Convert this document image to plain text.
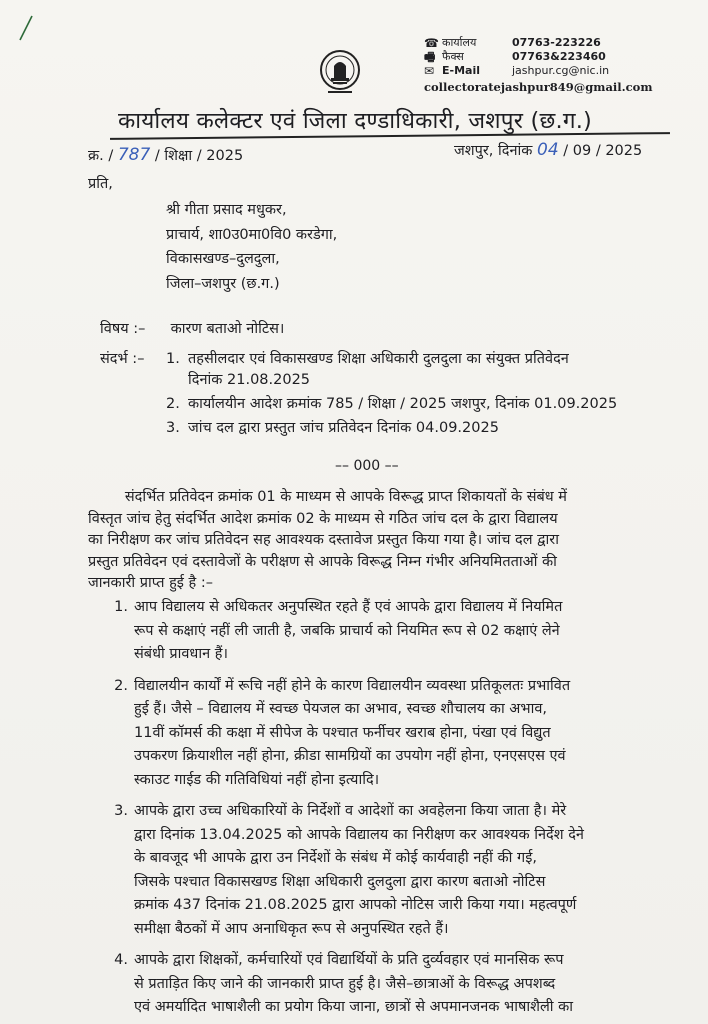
☎ कार्यालय	07763-223226
🖷 फैक्स	07763&223460
✉ E-Mail	jashpur.cg@nic.in
collectoratejashpur849@gmail.com
कार्यालय कलेक्टर एवं जिला दण्डाधिकारी, जशपुर (छ.ग.)
क्र. / 787 / शिक्षा / 2025	जशपुर, दिनांक 04 / 09 / 2025
प्रति,
श्री गीता प्रसाद मधुकर,
प्राचार्य, शा0उ0मा0वि0 करडेगा,
विकासखण्ड–दुलदुला,
जिला–जशपुर (छ.ग.)
विषय :– कारण बताओ नोटिस।
संदर्भ :– 1. तहसीलदार एवं विकासखण्ड शिक्षा अधिकारी दुलदुला का संयुक्त प्रतिवेदन
दिनांक 21.08.2025
2. कार्यालयीन आदेश क्रमांक 785 / शिक्षा / 2025 जशपुर, दिनांक 01.09.2025
3. जांच दल द्वारा प्रस्तुत जांच प्रतिवेदन दिनांक 04.09.2025
–– 000 ––
संदर्भित प्रतिवेदन क्रमांक 01 के माध्यम से आपके विरूद्ध प्राप्त शिकायतों के संबंध में
विस्तृत जांच हेतु संदर्भित आदेश क्रमांक 02 के माध्यम से गठित जांच दल के द्वारा विद्यालय
का निरीक्षण कर जांच प्रतिवेदन सह आवश्यक दस्तावेज प्रस्तुत किया गया है। जांच दल द्वारा
प्रस्तुत प्रतिवेदन एवं दस्तावेजों के परीक्षण से आपके विरूद्ध निम्न गंभीर अनियमितताओं की
जानकारी प्राप्त हुई है :–
1. आप विद्यालय से अधिकतर अनुपस्थित रहते हैं एवं आपके द्वारा विद्यालय में नियमित
रूप से कक्षाएं नहीं ली जाती है, जबकि प्राचार्य को नियमित रूप से 02 कक्षाएं लेने
संबंधी प्रावधान हैं।
2. विद्यालयीन कार्यों में रूचि नहीं होने के कारण विद्यालयीन व्यवस्था प्रतिकूलतः प्रभावित
हुई हैं। जैसे – विद्यालय में स्वच्छ पेयजल का अभाव, स्वच्छ शौचालय का अभाव,
11वीं कॉमर्स की कक्षा में सीपेज के पश्चात फर्नीचर खराब होना, पंखा एवं विद्युत
उपकरण क्रियाशील नहीं होना, क्रीडा सामग्रियों का उपयोग नहीं होना, एनएसएस एवं
स्काउट गाईड की गतिविधियां नहीं होना इत्यादि।
3. आपके द्वारा उच्च अधिकारियों के निर्देशों व आदेशों का अवहेलना किया जाता है। मेरे
द्वारा दिनांक 13.04.2025 को आपके विद्यालय का निरीक्षण कर आवश्यक निर्देश देने
के बावजूद भी आपके द्वारा उन निर्देशों के संबंध में कोई कार्यवाही नहीं की गई,
जिसके पश्चात विकासखण्ड शिक्षा अधिकारी दुलदुला द्वारा कारण बताओ नोटिस
क्रमांक 437 दिनांक 21.08.2025 द्वारा आपको नोटिस जारी किया गया। महत्वपूर्ण
समीक्षा बैठकों में आप अनाधिकृत रूप से अनुपस्थित रहते हैं।
4. आपके द्वारा शिक्षकों, कर्मचारियों एवं विद्यार्थियों के प्रति दुर्व्यवहार एवं मानसिक रूप
से प्रताड़ित किए जाने की जानकारी प्राप्त हुई है। जैसे–छात्राओं के विरूद्ध अपशब्द
एवं अमर्यादित भाषाशैली का प्रयोग किया जाना, छात्रों से अपमानजनक भाषाशैली का
